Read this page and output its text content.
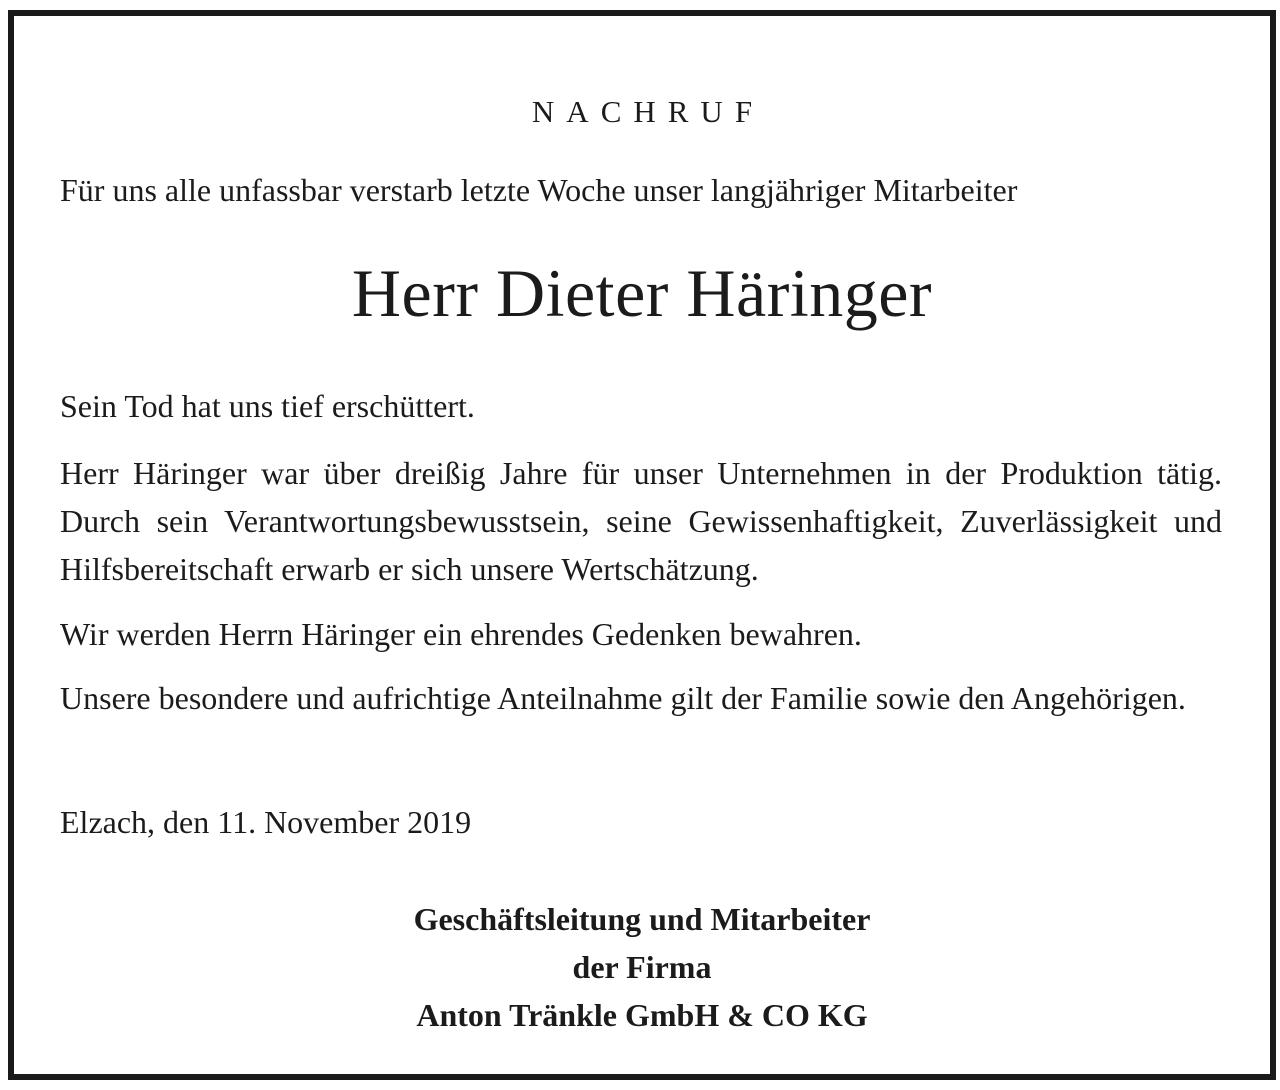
NACHRUF
Für uns alle unfassbar verstarb letzte Woche unser langjähriger Mitarbeiter
Herr Dieter Häringer
Sein Tod hat uns tief erschüttert.
Herr Häringer war über dreißig Jahre für unser Unternehmen in der Produktion tätig. Durch sein Verantwortungsbewusstsein, seine Gewissenhaftigkeit, Zuverlässigkeit und Hilfsbereitschaft erwarb er sich unsere Wertschätzung.
Wir werden Herrn Häringer ein ehrendes Gedenken bewahren.
Unsere besondere und aufrichtige Anteilnahme gilt der Familie sowie den Angehörigen.
Elzach, den 11. November 2019
Geschäftsleitung und Mitarbeiter
der Firma
Anton Tränkle GmbH & CO KG
